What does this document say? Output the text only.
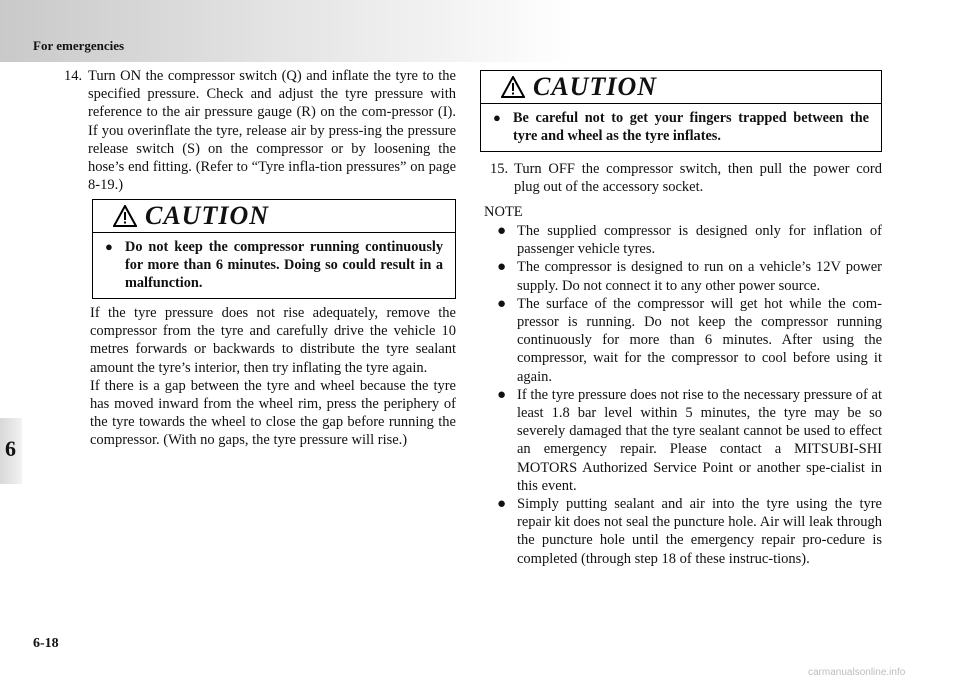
For emergencies
6
14. Turn ON the compressor switch (Q) and inflate the tyre to the specified pressure. Check and adjust the tyre pressure with reference to the air pressure gauge (R) on the com-pressor (I). If you overinflate the tyre, release air by press-ing the pressure release switch (S) on the compressor or by loosening the hose’s end fitting. (Refer to “Tyre infla-tion pressures” on page 8-19.)
CAUTION
● Do not keep the compressor running continuously for more than 6 minutes. Doing so could result in a malfunction.

If the tyre pressure does not rise adequately, remove the compressor from the tyre and carefully drive the vehicle 10 metres forwards or backwards to distribute the tyre sealant amount the tyre’s interior, then try inflating the tyre again.

If there is a gap between the tyre and wheel because the tyre has moved inward from the wheel rim, press the periphery of the tyre towards the wheel to close the gap before running the compressor. (With no gaps, the tyre pressure will rise.)

CAUTION
● Be careful not to get your fingers trapped between the tyre and wheel as the tyre inflates.
15. Turn OFF the compressor switch, then pull the power cord plug out of the accessory socket.
NOTE
● The supplied compressor is designed only for inflation of passenger vehicle tyres.
● The compressor is designed to run on a vehicle’s 12V power supply. Do not connect it to any other power source.
● The surface of the compressor will get hot while the com-pressor is running. Do not keep the compressor running continuously for more than 6 minutes. After using the compressor, wait for the compressor to cool before using it again.
● If the tyre pressure does not rise to the necessary pressure of at least 1.8 bar level within 5 minutes, the tyre may be so severely damaged that the tyre sealant cannot be used to effect an emergency repair. Please contact a MITSUBI-SHI MOTORS Authorized Service Point or another spe-cialist in this event.
● Simply putting sealant and air into the tyre using the tyre repair kit does not seal the puncture hole. Air will leak through the puncture hole until the emergency repair pro-cedure is completed (through step 18 of these instruc-tions).
6-18
carmanualsonline.info
